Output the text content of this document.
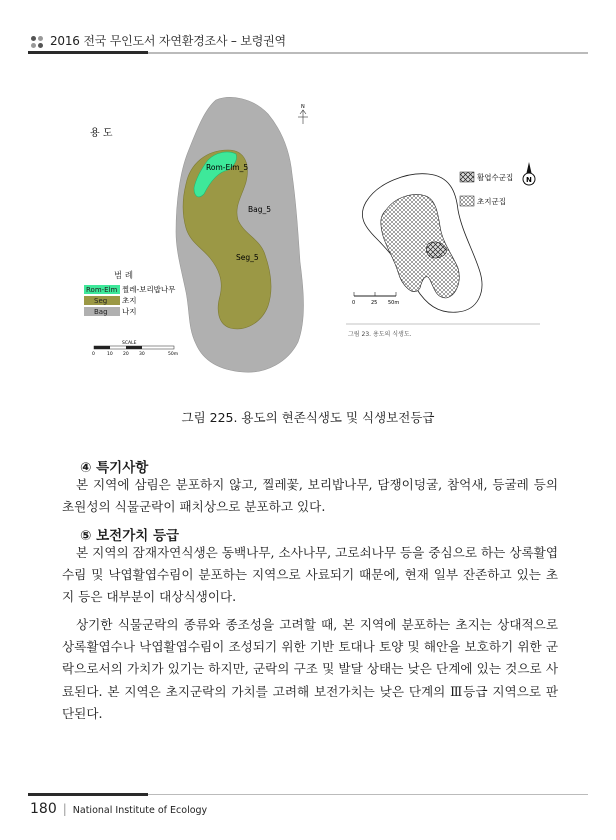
2016 전국 무인도서 자연환경조사 – 보령권역
용 도
Rom-Elm_5
Bag_5
Seg_5
N
범 례
Rom-Elm 찔레-보리밥나무
Seg 초지
Bag 나지
SCALE
0	10 20 30	50m
활엽수군집
초지군집
N
0	25 50m
그림 23. 용도의 식생도.
그림 225. 용도의 현존식생도 및 식생보전등급
④ 특기사항

본 지역에 삼림은 분포하지 않고, 찔레꽃, 보리밥나무, 담쟁이덩굴, 참억새, 등굴레 등의 초원성의 식물군락이 패치상으로 분포하고 있다.

⑤ 보전가치 등급

본 지역의 잠재자연식생은 동백나무, 소사나무, 고로쇠나무 등을 중심으로 하는 상록활엽수림 및 낙엽활엽수림이 분포하는 지역으로 사료되기 때문에, 현재 일부 잔존하고 있는 초지 등은 대부분이 대상식생이다.

상기한 식물군락의 종류와 종조성을 고려할 때, 본 지역에 분포하는 초지는 상대적으로 상록활엽수나 낙엽활엽수림이 조성되기 위한 기반 토대나 토양 및 해안을 보호하기 위한 군락으로서의 가치가 있기는 하지만, 군락의 구조 및 발달 상태는 낮은 단계에 있는 것으로 사료된다. 본 지역은 초지군락의 가치를 고려해 보전가치는 낮은 단계의 Ⅲ등급 지역으로 판단된다.

180 | National Institute of Ecology
